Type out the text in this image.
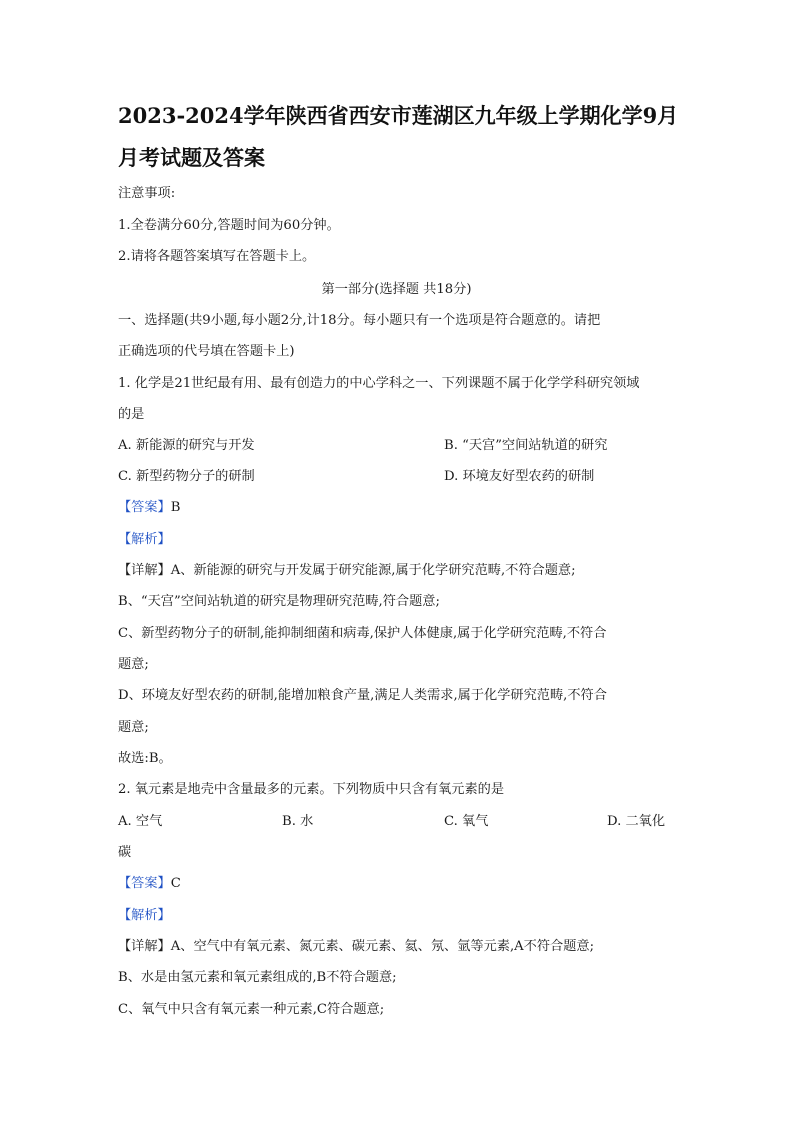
2023-2024学年陕西省西安市莲湖区九年级上学期化学9月
月考试题及答案
注意事项:
1.全卷满分60分,答题时间为60分钟。
2.请将各题答案填写在答题卡上。
第一部分(选择题 共18分)
一、选择题(共9小题,每小题2分,计18分。每小题只有一个选项是符合题意的。请把
正确选项的代号填在答题卡上)
1. 化学是21世纪最有用、最有创造力的中心学科之一、下列课题不属于化学学科研究领域
的是
A. 新能源的研究与开发	B. “天宫”空间站轨道的研究
C. 新型药物分子的研制	D. 环境友好型农药的研制
【答案】B
【解析】
【详解】A、新能源的研究与开发属于研究能源,属于化学研究范畴,不符合题意;
B、“天宫”空间站轨道的研究是物理研究范畴,符合题意;
C、新型药物分子的研制,能抑制细菌和病毒,保护人体健康,属于化学研究范畴,不符合
题意;
D、环境友好型农药的研制,能增加粮食产量,满足人类需求,属于化学研究范畴,不符合
题意;
故选:B。
2. 氧元素是地壳中含量最多的元素。下列物质中只含有氧元素的是
A. 空气	B. 水	C. 氧气	D. 二氧化
碳
【答案】C
【解析】
【详解】A、空气中有氧元素、氮元素、碳元素、氦、氖、氩等元素,A不符合题意;
B、水是由氢元素和氧元素组成的,B不符合题意;
C、氧气中只含有氧元素一种元素,C符合题意;
